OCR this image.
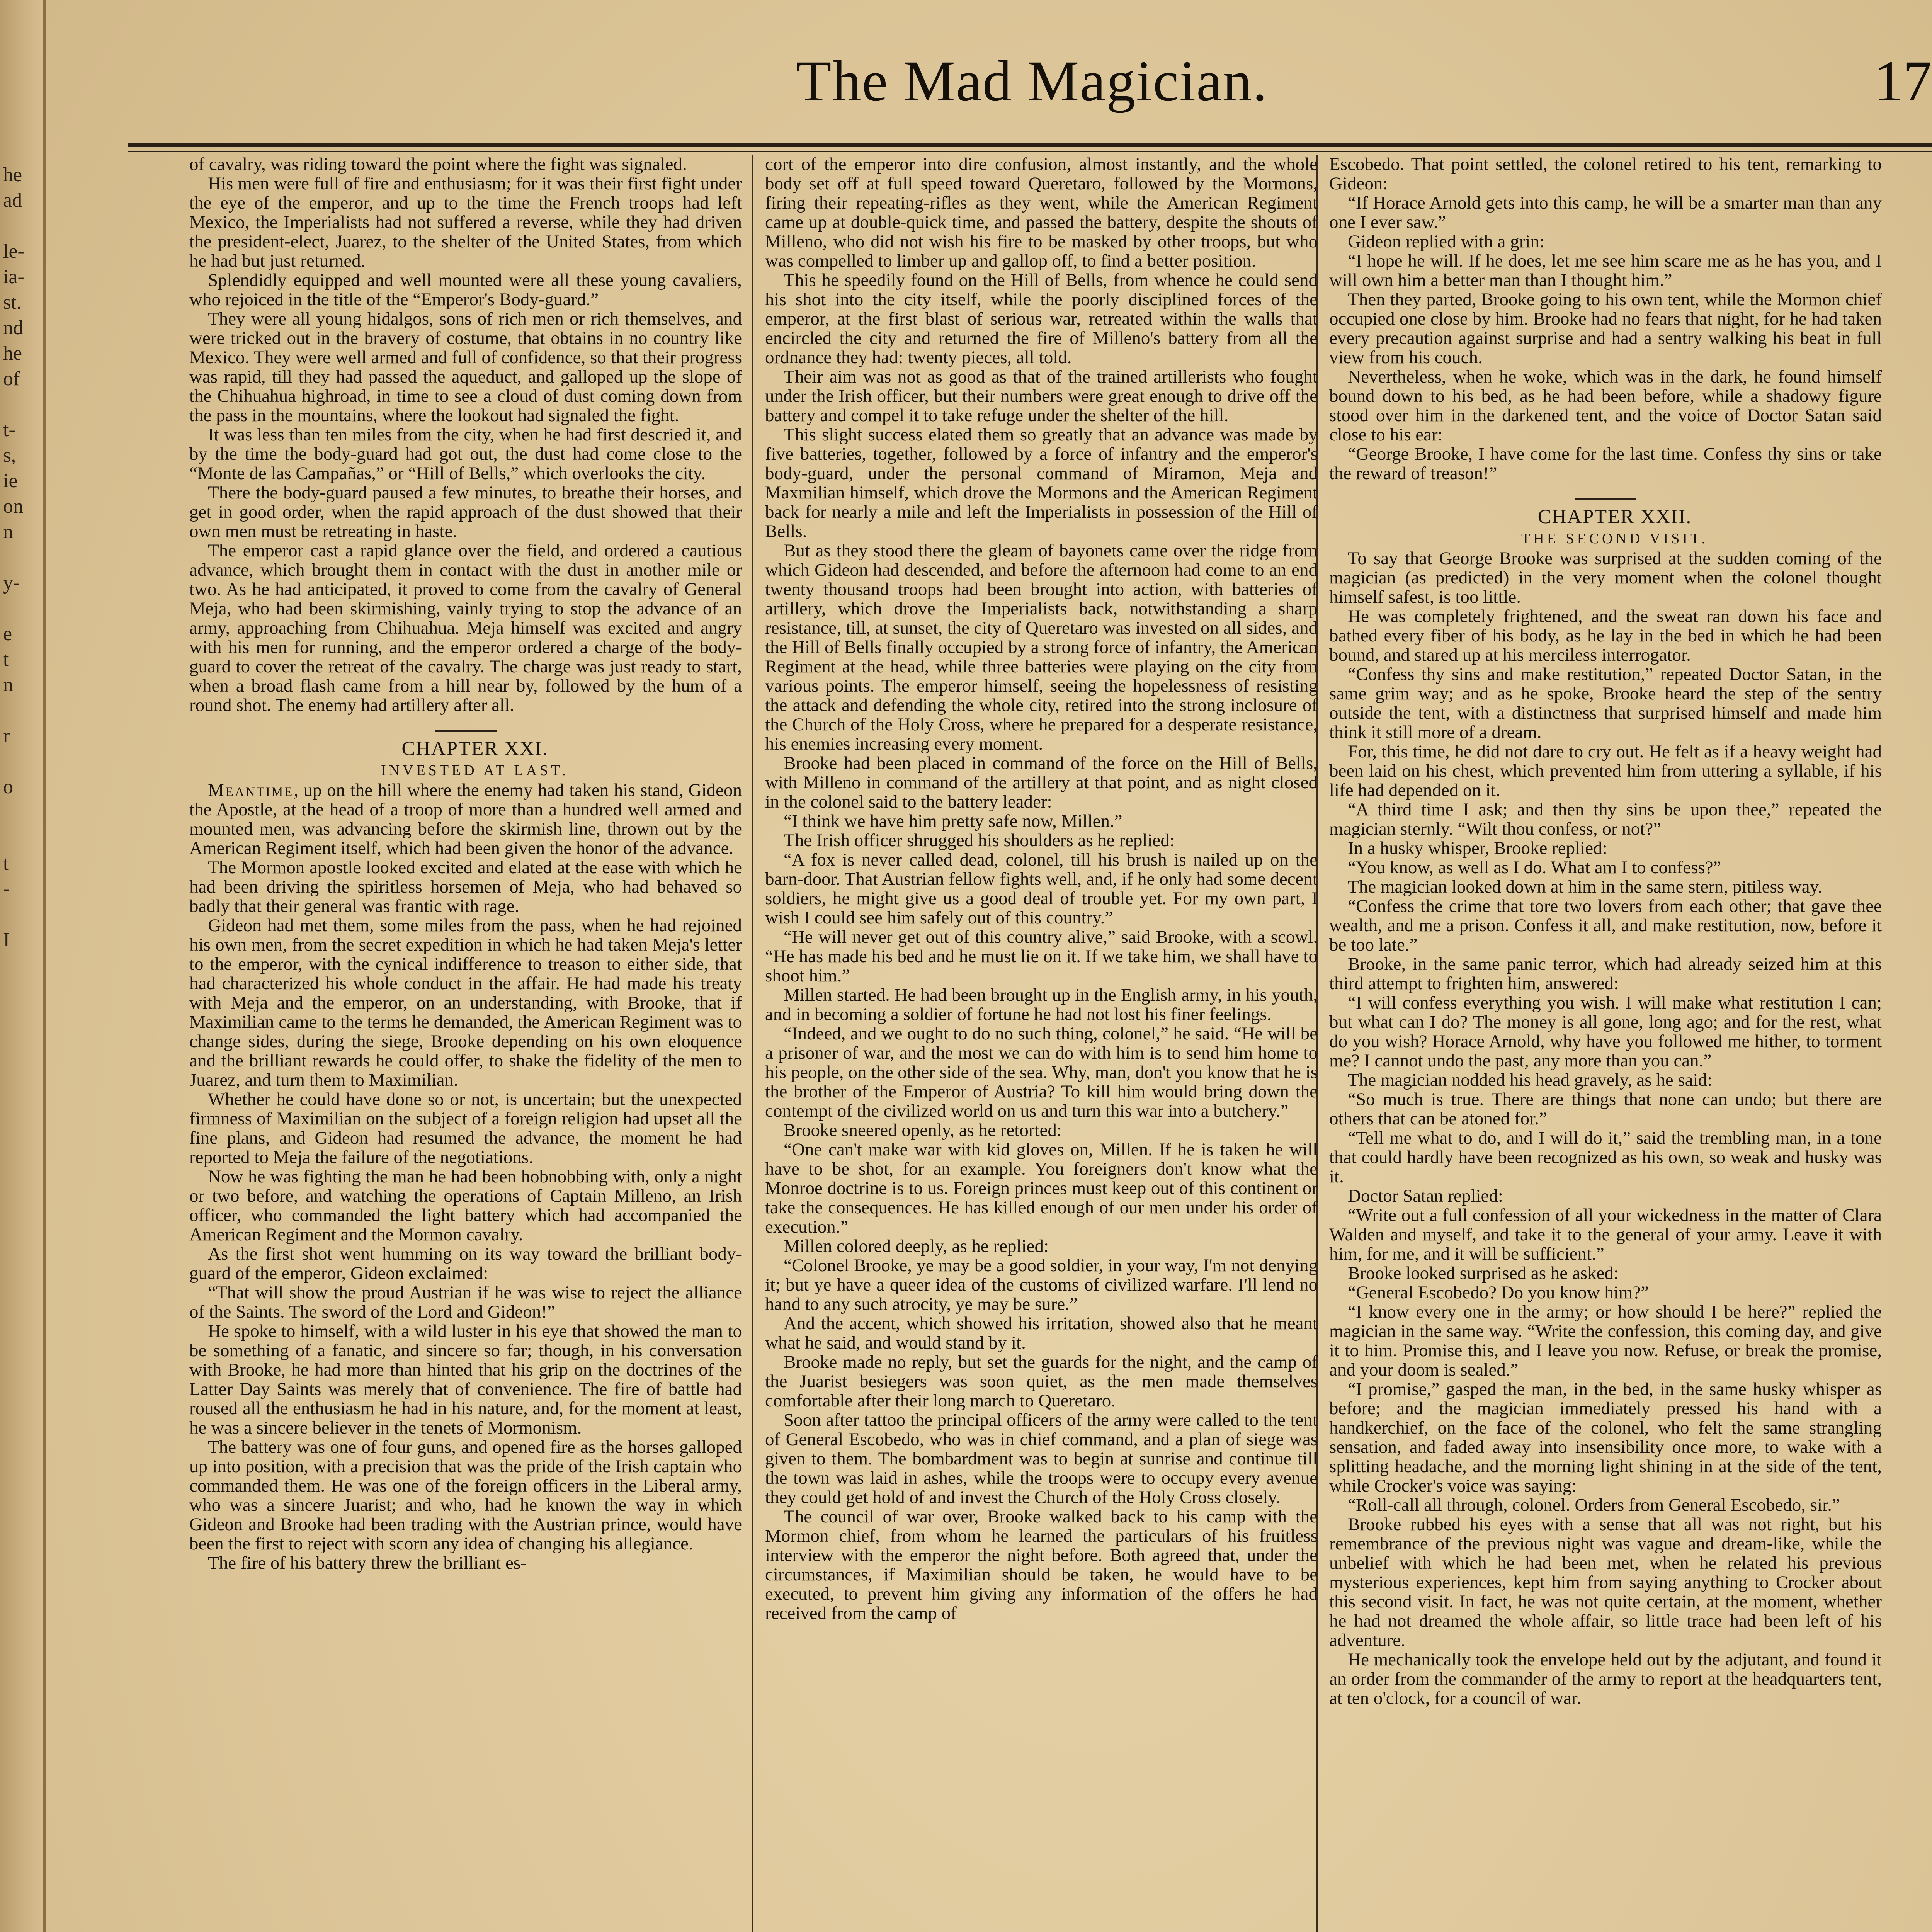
he
ad
le-
ia-
st.
nd
he
of
t-
s,
ie
on
n
y-
e
t
n
r
o
t
-
I
The Mad Magician.	17

of cavalry, was riding toward the point where the fight was signaled.

His men were full of fire and enthusiasm; for it was their first fight under the eye of the emperor, and up to the time the French troops had left Mexico, the Imperialists had not suffered a reverse, while they had driven the president-elect, Juarez, to the shelter of the United States, from which he had but just returned.

Splendidly equipped and well mounted were all these young cavaliers, who rejoiced in the title of the “Emperor's Body-guard.”

They were all young hidalgos, sons of rich men or rich themselves, and were tricked out in the bravery of costume, that obtains in no country like Mexico. They were well armed and full of confidence, so that their progress was rapid, till they had passed the aqueduct, and galloped up the slope of the Chihuahua highroad, in time to see a cloud of dust coming down from the pass in the mountains, where the lookout had signaled the fight.

It was less than ten miles from the city, when he had first descried it, and by the time the body-guard had got out, the dust had come close to the “Monte de las Campañas,” or “Hill of Bells,” which overlooks the city.

There the body-guard paused a few minutes, to breathe their horses, and get in good order, when the rapid approach of the dust showed that their own men must be retreating in haste.

The emperor cast a rapid glance over the field, and ordered a cautious advance, which brought them in contact with the dust in another mile or two. As he had anticipated, it proved to come from the cavalry of General Meja, who had been skirmishing, vainly trying to stop the advance of an army, approaching from Chihuahua. Meja himself was excited and angry with his men for running, and the emperor ordered a charge of the body-guard to cover the retreat of the cavalry. The charge was just ready to start, when a broad flash came from a hill near by, followed by the hum of a round shot. The enemy had artillery after all.

CHAPTER XXI.

INVESTED AT LAST.

Meantime, up on the hill where the enemy had taken his stand, Gideon the Apostle, at the head of a troop of more than a hundred well armed and mounted men, was advancing before the skirmish line, thrown out by the American Regiment itself, which had been given the honor of the advance.

The Mormon apostle looked excited and elated at the ease with which he had been driving the spiritless horsemen of Meja, who had behaved so badly that their general was frantic with rage.

Gideon had met them, some miles from the pass, when he had rejoined his own men, from the secret expedition in which he had taken Meja's letter to the emperor, with the cynical indifference to treason to either side, that had characterized his whole conduct in the affair. He had made his treaty with Meja and the emperor, on an understanding, with Brooke, that if Maximilian came to the terms he demanded, the American Regiment was to change sides, during the siege, Brooke depending on his own eloquence and the brilliant rewards he could offer, to shake the fidelity of the men to Juarez, and turn them to Maximilian.

Whether he could have done so or not, is uncertain; but the unexpected firmness of Maximilian on the subject of a foreign religion had upset all the fine plans, and Gideon had resumed the advance, the moment he had reported to Meja the failure of the negotiations.

Now he was fighting the man he had been hobnobbing with, only a night or two before, and watching the operations of Captain Milleno, an Irish officer, who commanded the light battery which had accompanied the American Regiment and the Mormon cavalry.

As the first shot went humming on its way toward the brilliant body-guard of the emperor, Gideon exclaimed:

“That will show the proud Austrian if he was wise to reject the alliance of the Saints. The sword of the Lord and Gideon!”

He spoke to himself, with a wild luster in his eye that showed the man to be something of a fanatic, and sincere so far; though, in his conversation with Brooke, he had more than hinted that his grip on the doctrines of the Latter Day Saints was merely that of convenience. The fire of battle had roused all the enthusiasm he had in his nature, and, for the moment at least, he was a sincere believer in the tenets of Mormonism.

The battery was one of four guns, and opened fire as the horses galloped up into position, with a precision that was the pride of the Irish captain who commanded them. He was one of the foreign officers in the Liberal army, who was a sincere Juarist; and who, had he known the way in which Gideon and Brooke had been trading with the Austrian prince, would have been the first to reject with scorn any idea of changing his allegiance.

The fire of his battery threw the brilliant es-

cort of the emperor into dire confusion, almost instantly, and the whole body set off at full speed toward Queretaro, followed by the Mormons, firing their repeating-rifles as they went, while the American Regiment came up at double-quick time, and passed the battery, despite the shouts of Milleno, who did not wish his fire to be masked by other troops, but who was compelled to limber up and gallop off, to find a better position.

This he speedily found on the Hill of Bells, from whence he could send his shot into the city itself, while the poorly disciplined forces of the emperor, at the first blast of serious war, retreated within the walls that encircled the city and returned the fire of Milleno's battery from all the ordnance they had: twenty pieces, all told.

Their aim was not as good as that of the trained artillerists who fought under the Irish officer, but their numbers were great enough to drive off the battery and compel it to take refuge under the shelter of the hill.

This slight success elated them so greatly that an advance was made by five batteries, together, followed by a force of infantry and the emperor's body-guard, under the personal command of Miramon, Meja and Maxmilian himself, which drove the Mormons and the American Regiment back for nearly a mile and left the Imperialists in possession of the Hill of Bells.

But as they stood there the gleam of bayonets came over the ridge from which Gideon had descended, and before the afternoon had come to an end twenty thousand troops had been brought into action, with batteries of artillery, which drove the Imperialists back, notwithstanding a sharp resistance, till, at sunset, the city of Queretaro was invested on all sides, and the Hill of Bells finally occupied by a strong force of infantry, the American Regiment at the head, while three batteries were playing on the city from various points. The emperor himself, seeing the hopelessness of resisting the attack and defending the whole city, retired into the strong inclosure of the Church of the Holy Cross, where he prepared for a desperate resistance, his enemies increasing every moment.

Brooke had been placed in command of the force on the Hill of Bells, with Milleno in command of the artillery at that point, and as night closed in the colonel said to the battery leader:

“I think we have him pretty safe now, Millen.”

The Irish officer shrugged his shoulders as he replied:

“A fox is never called dead, colonel, till his brush is nailed up on the barn-door. That Austrian fellow fights well, and, if he only had some decent soldiers, he might give us a good deal of trouble yet. For my own part, I wish I could see him safely out of this country.”

“He will never get out of this country alive,” said Brooke, with a scowl. “He has made his bed and he must lie on it. If we take him, we shall have to shoot him.”

Millen started. He had been brought up in the English army, in his youth, and in becoming a soldier of fortune he had not lost his finer feelings.

“Indeed, and we ought to do no such thing, colonel,” he said. “He will be a prisoner of war, and the most we can do with him is to send him home to his people, on the other side of the sea. Why, man, don't you know that he is the brother of the Emperor of Austria? To kill him would bring down the contempt of the civilized world on us and turn this war into a butchery.”

Brooke sneered openly, as he retorted:

“One can't make war with kid gloves on, Millen. If he is taken he will have to be shot, for an example. You foreigners don't know what the Monroe doctrine is to us. Foreign princes must keep out of this continent or take the consequences. He has killed enough of our men under his order of execution.”

Millen colored deeply, as he replied:

“Colonel Brooke, ye may be a good soldier, in your way, I'm not denying it; but ye have a queer idea of the customs of civilized warfare. I'll lend no hand to any such atrocity, ye may be sure.”

And the accent, which showed his irritation, showed also that he meant what he said, and would stand by it.

Brooke made no reply, but set the guards for the night, and the camp of the Juarist besiegers was soon quiet, as the men made themselves comfortable after their long march to Queretaro.

Soon after tattoo the principal officers of the army were called to the tent of General Escobedo, who was in chief command, and a plan of siege was given to them. The bombardment was to begin at sunrise and continue till the town was laid in ashes, while the troops were to occupy every avenue they could get hold of and invest the Church of the Holy Cross closely.

The council of war over, Brooke walked back to his camp with the Mormon chief, from whom he learned the particulars of his fruitless interview with the emperor the night before. Both agreed that, under the circumstances, if Maximilian should be taken, he would have to be executed, to prevent him giving any information of the offers he had received from the camp of

Escobedo. That point settled, the colonel retired to his tent, remarking to Gideon:

“If Horace Arnold gets into this camp, he will be a smarter man than any one I ever saw.”

Gideon replied with a grin:

“I hope he will. If he does, let me see him scare me as he has you, and I will own him a better man than I thought him.”

Then they parted, Brooke going to his own tent, while the Mormon chief occupied one close by him. Brooke had no fears that night, for he had taken every precaution against surprise and had a sentry walking his beat in full view from his couch.

Nevertheless, when he woke, which was in the dark, he found himself bound down to his bed, as he had been before, while a shadowy figure stood over him in the darkened tent, and the voice of Doctor Satan said close to his ear:

“George Brooke, I have come for the last time. Confess thy sins or take the reward of treason!”

CHAPTER XXII.

THE SECOND VISIT.

To say that George Brooke was surprised at the sudden coming of the magician (as predicted) in the very moment when the colonel thought himself safest, is too little.

He was completely frightened, and the sweat ran down his face and bathed every fiber of his body, as he lay in the bed in which he had been bound, and stared up at his merciless interrogator.

“Confess thy sins and make restitution,” repeated Doctor Satan, in the same grim way; and as he spoke, Brooke heard the step of the sentry outside the tent, with a distinctness that surprised himself and made him think it still more of a dream.

For, this time, he did not dare to cry out. He felt as if a heavy weight had been laid on his chest, which prevented him from uttering a syllable, if his life had depended on it.

“A third time I ask; and then thy sins be upon thee,” repeated the magician sternly. “Wilt thou confess, or not?”

In a husky whisper, Brooke replied:

“You know, as well as I do. What am I to confess?”

The magician looked down at him in the same stern, pitiless way.

“Confess the crime that tore two lovers from each other; that gave thee wealth, and me a prison. Confess it all, and make restitution, now, before it be too late.”

Brooke, in the same panic terror, which had already seized him at this third attempt to frighten him, answered:

“I will confess everything you wish. I will make what restitution I can; but what can I do? The money is all gone, long ago; and for the rest, what do you wish? Horace Arnold, why have you followed me hither, to torment me? I cannot undo the past, any more than you can.”

The magician nodded his head gravely, as he said:

“So much is true. There are things that none can undo; but there are others that can be atoned for.”

“Tell me what to do, and I will do it,” said the trembling man, in a tone that could hardly have been recognized as his own, so weak and husky was it.

Doctor Satan replied:

“Write out a full confession of all your wickedness in the matter of Clara Walden and myself, and take it to the general of your army. Leave it with him, for me, and it will be sufficient.”

Brooke looked surprised as he asked:

“General Escobedo? Do you know him?”

“I know every one in the army; or how should I be here?” replied the magician in the same way. “Write the confession, this coming day, and give it to him. Promise this, and I leave you now. Refuse, or break the promise, and your doom is sealed.”

“I promise,” gasped the man, in the bed, in the same husky whisper as before; and the magician immediately pressed his hand with a handkerchief, on the face of the colonel, who felt the same strangling sensation, and faded away into insensibility once more, to wake with a splitting headache, and the morning light shining in at the side of the tent, while Crocker's voice was saying:

“Roll-call all through, colonel. Orders from General Escobedo, sir.”

Brooke rubbed his eyes with a sense that all was not right, but his remembrance of the previous night was vague and dream-like, while the unbelief with which he had been met, when he related his previous mysterious experiences, kept him from saying anything to Crocker about this second visit. In fact, he was not quite certain, at the moment, whether he had not dreamed the whole affair, so little trace had been left of his adventure.

He mechanically took the envelope held out by the adjutant, and found it an order from the commander of the army to report at the headquarters tent, at ten o'clock, for a council of war.
